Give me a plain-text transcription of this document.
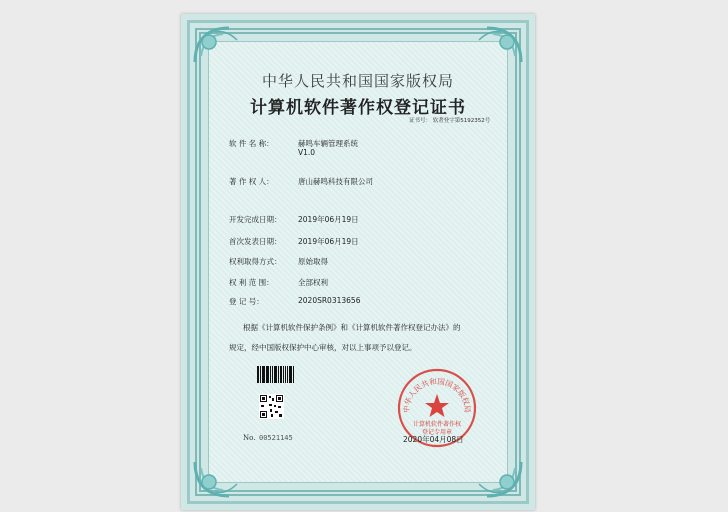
中华人民共和国国家版权局
计算机软件著作权登记证书
证书号： 软著登字第5192352号
软 件 名 称：	赫鸣车辆管理系统
V1.0
著 作 权 人：	唐山赫鸣科技有限公司
开发完成日期： 2019年06月19日
首次发表日期： 2019年06月19日
权利取得方式： 原始取得
权 利 范 围：	全部权利
登 记 号：	2020SR0313656
根据《计算机软件保护条例》和《计算机软件著作权登记办法》的
规定，经中国版权保护中心审核，对以上事项予以登记。
No. 00521145
中华人民共和国国家版权局
计算机软件著作权
登记专用章
2020年04月08日
